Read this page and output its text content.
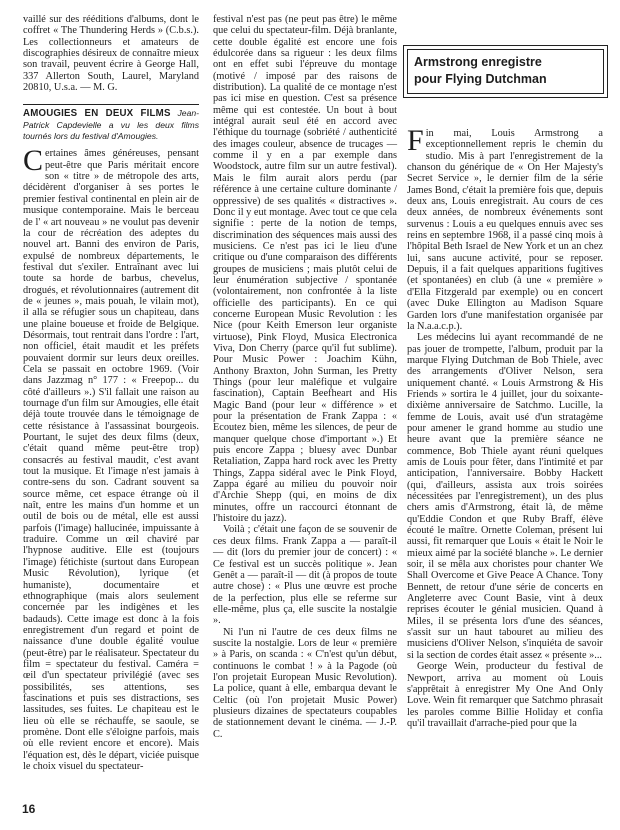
vaillé sur des rééditions d'albums, dont le coffret « The Thundering Herds » (C.b.s.). Les collectionneurs et amateurs de discographies désireux de connaître mieux son travail, peuvent écrire à George Hall, 337 Allerton South, Laurel, Maryland 20810, U.s.a. — M. G.

AMOUGIES EN DEUX FILMS Jean-Patrick Capdevielle a vu les deux films tournés lors du festival d'Amougies.

Certaines âmes généreuses, pensant peut-être que Paris méritait encore son « titre » de métropole des arts, décidèrent d'organiser à ses portes le premier festival continental en plein air de musique contemporaine. Mais le berceau de l' « art nouveau » ne voulut pas devenir la cour de récréation des adeptes du nouvel art. Banni des environ de Paris, expulsé de nombreux départements, le festival dut s'exiler. Entraînant avec lui toute sa horde de barbus, chevelus, drogués, et révolutionnaires (autrement dit de « jeunes », mais pouah, le vilain mot), il alla se réfugier sous un chapiteau, dans une plaine boueuse et froide de Belgique. Désormais, tout rentrait dans l'ordre : l'art, non officiel, était maudit et les préfets pouvaient dormir sur leurs deux oreilles. Cela se passait en octobre 1969. (Voir dans Jazzmag n° 177 : « Freepop... du côté d'ailleurs ».) S'il fallait une raison au tournage d'un film sur Amougies, elle était déjà toute trouvée dans le témoignage de cette résistance à l'assassinat bourgeois. Pourtant, le sujet des deux films (deux, c'était quand même peut-être trop) consacrés au festival maudit, c'est avant tout la musique. Et l'image n'est jamais à contre-sens du son. Cadrant souvent sa source même, cet espace étrange où il naît, entre les mains d'un homme et un outil de bois ou de métal, elle est aussi parfois (l'image) hallucinée, impuissante à traduire. Comme un œil chaviré par l'hypnose auditive. Elle est (toujours l'image) fétichiste (surtout dans European Music Révolution), lyrique (et humaniste), documentaire et ethnographique (mais alors seulement concernée par les indigènes et les badauds). Cette image est donc à la fois enregistrement d'un regard et point de naissance d'une double égalité voulue (peut-être) par le réalisateur. Spectateur du film = spectateur du festival. Caméra = œil d'un spectateur privilégié (avec ses possibilités, ses attentions, ses fascinations et puis ses distractions, ses lassitudes, ses fuites. Le chapiteau est le lieu où elle se réchauffe, se saoule, se promène. Dont elle s'éloigne parfois, mais où elle revient encore et encore). Mais l'équation est, dès le départ, viciée puisque le choix visuel du spectateur-

festival n'est pas (ne peut pas être) le même que celui du spectateur-film. Déjà branlante, cette double égalité est encore une fois édulcorée dans sa rigueur : les deux films ont en effet subi l'épreuve du montage (motivé / imposé par des raisons de distribution). La qualité de ce montage n'est pas ici mise en question. C'est sa présence même qui est contestée. Un bout à bout intégral aurait seul été en accord avec l'éthique du tournage (sobriété / authenticité des images couleur, absence de trucages — comme il y en a par exemple dans Woodstock, autre film sur un autre festival). Mais le film aurait alors perdu (par référence à une certaine culture dominante / oppressive) de ses qualités « distractives ». Donc il y eut montage. Avec tout ce que cela signifie : perte de la notion de temps, discrimination des séquences mais aussi des musiciens. Ce n'est pas ici le lieu d'une critique ou d'une comparaison des différents groupes de musiciens ; mais plutôt celui de leur énumération subjective / spontanée (volontairement, non confrontée à la liste officielle des participants). En ce qui concerne European Music Revolution : les Nice (pour Keith Emerson leur organiste virtuose), Pink Floyd, Musica Electronica Viva, Don Cherry (parce qu'il fut sublime). Pour Music Power : Joachim Kühn, Anthony Braxton, John Surman, les Pretty Things (pour leur maléfique et vulgaire fascination), Captain Beefheart and His Magic Band (pour leur « différence » et pour la présentation de Frank Zappa : « Ecoutez bien, même les silences, de peur de manquer quelque chose d'important ».) Et puis encore Zappa ; bluesy avec Dunbar Retaliation, Zappa hard rock avec les Pretty Things, Zappa sidéral avec le Pink Floyd, Zappa égaré au milieu du pouvoir noir d'Archie Shepp (qui, en moins de dix minutes, offre un raccourci étonnant de l'histoire du jazz).

Voilà ; c'était une façon de se souvenir de ces deux films. Frank Zappa a — paraît-il — dit (lors du premier jour de concert) : « Ce festival est un succès politique ». Jean Genêt a — paraît-il — dit (à propos de toute autre chose) : « Plus une œuvre est proche de la perfection, plus elle se referme sur elle-même, plus ça, elle suscite la nostalgie ».

Ni l'un ni l'autre de ces deux films ne suscite la nostalgie. Lors de leur « première » à Paris, on scanda : « C'n'est qu'un début, continuons le combat ! » à la Pagode (où l'on projetait European Music Revolution). La police, quant à elle, embarqua devant le Celtic (où l'on projetait Music Power) plusieurs dizaines de spectateurs coupables de stationnement devant le cinéma. — J.-P. C.

Armstrong enregistre
pour Flying Dutchman

Fin mai, Louis Armstrong a exceptionnellement repris le chemin du studio. Mis à part l'enregistrement de la chanson du générique de « On Her Majesty's Secret Service », le dernier film de la série James Bond, c'était la première fois que, depuis deux ans, Louis enregistrait. Au cours de ces deux années, de nombreux événements sont survenus : Louis a eu quelques ennuis avec ses reins en septembre 1968, il a passé cinq mois à l'hôpital Beth Israel de New York et un an chez lui, sans aucune activité, pour se reposer. Depuis, il a fait quelques apparitions fugitives (et spontanées) en club (à une « première » d'Ella Fitzgerald par exemple) ou en concert (avec Duke Ellington au Madison Square Garden lors d'une manifestation organisée par la N.a.a.c.p.).

Les médecins lui ayant recommandé de ne pas jouer de trompette, l'album, produit par la marque Flying Dutchman de Bob Thiele, avec des arrangements d'Oliver Nelson, sera uniquement chanté. « Louis Armstrong & His Friends » sortira le 4 juillet, jour du soixante-dixième anniversaire de Satchmo. Lucille, la femme de Louis, avait usé d'un stratagème pour amener le grand homme au studio une heure avant que la première séance ne commence, Bob Thiele ayant réuni quelques amis de Louis pour fêter, dans l'intimité et par anticipation, l'anniversaire. Bobby Hackett (qui, d'ailleurs, assista aux trois soirées nécessitées par l'enregistrement), un des plus chers amis d'Armstrong, était là, de même qu'Eddie Condon et que Ruby Braff, élève écouté le maître. Ornette Coleman, présent lui aussi, fit remarquer que Louis « était le Noir le mieux aimé par la société blanche ». Le dernier soir, il se mêla aux choristes pour chanter We Shall Overcome et Give Peace A Chance. Tony Bennett, de retour d'une série de concerts en Angleterre avec Count Basie, vint à deux reprises écouter le génial musicien. Quand à Miles, il se présenta lors d'une des séances, s'assit sur un haut tabouret au milieu des musiciens d'Oliver Nelson, s'inquiéta de savoir si la section de cordes était assez « présente »...

George Wein, producteur du festival de Newport, arriva au moment où Louis s'apprêtait à enregistrer My One And Only Love. Wein fit remarquer que Satchmo phrasait les paroles comme Billie Holiday et confia qu'il travaillait d'arrache-pied pour que la

16
